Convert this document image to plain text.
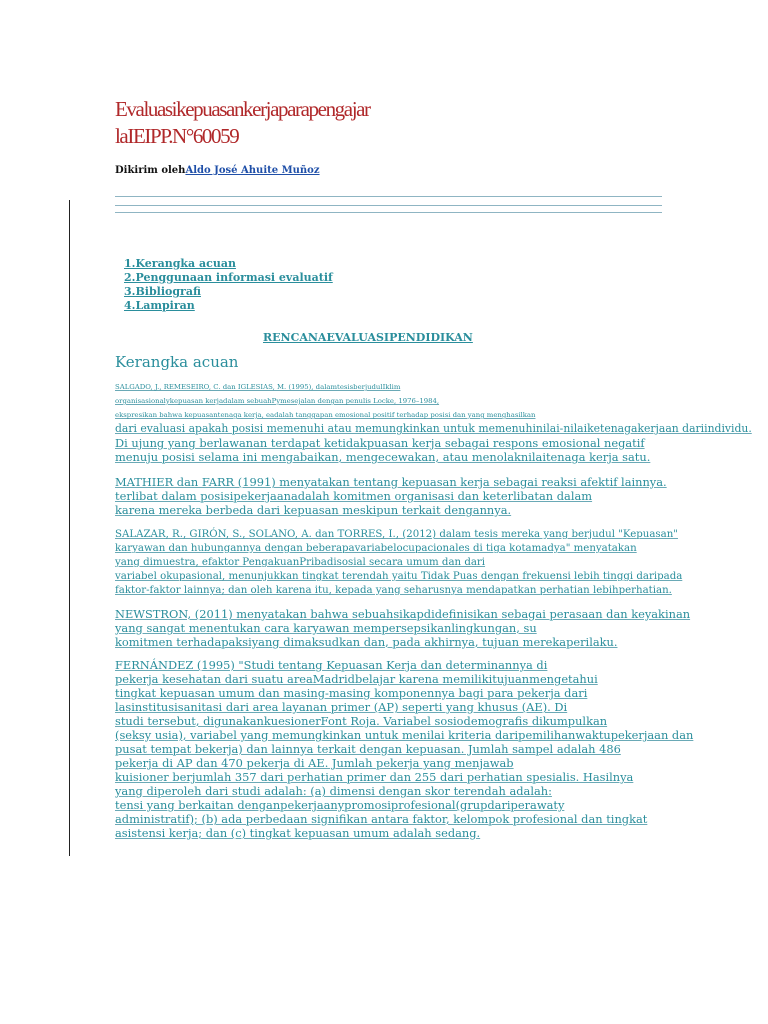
Evaluasikepuasankerjaparapengajar
laIEIPP.N°60059
Dikirim olehAldo José Ahuite Muñoz
1.Kerangka acuan
2.Penggunaan informasi evaluatif
3.Bibliografi
4.Lampiran
RENCANAEVALUASIPENDIDIKAN
Kerangka acuan
SALGADO, J., REMESEIRO, C. dan IGLESIAS, M. (1995), dalamtesisberjudulIklim
organisasionalykepuasan kerjadalam sebuahPymesejalan dengan penulis Locke, 1976–1984,
ekspresikan bahwa kepuasantenaga kerja, eadalah tanggapan emosional positif terhadap posisi dan yang menghasilkan
dari evaluasi apakah posisi memenuhi atau memungkinkan untuk memenuhinilai-nilaiketenagakerjaan dariindividu.
Di ujung yang berlawanan terdapat ketidakpuasan kerja sebagai respons emosional negatif
menuju posisi selama ini mengabaikan, mengecewakan, atau menolaknilaitenaga kerja satu.
MATHIER dan FARR (1991) menyatakan tentang kepuasan kerja sebagai reaksi afektif lainnya.
terlibat dalam posisipekerjaanadalah komitmen organisasi dan keterlibatan dalam
karena mereka berbeda dari kepuasan meskipun terkait dengannya.
SALAZAR, R., GIRÓN, S., SOLANO, A. dan TORRES, I., (2012) dalam tesis mereka yang berjudul "Kepuasan"
karyawan dan hubungannya dengan beberapavariabelocupacionales di tiga kotamadya" menyatakan
yang dimuestra, efaktor PengakuanPribadisosial secara umum dan dari
variabel okupasional, menunjukkan tingkat terendah yaitu Tidak Puas dengan frekuensi lebih tinggi daripada
faktor-faktor lainnya; dan oleh karena itu, kepada yang seharusnya mendapatkan perhatian lebihperhatian.
NEWSTRON, (2011) menyatakan bahwa sebuahsikapdidefinisikan sebagai perasaan dan keyakinan
yang sangat menentukan cara karyawan mempersepsikanlingkungan, su
komitmen terhadapaksiyang dimaksudkan dan, pada akhirnya, tujuan merekaperilaku.
FERNÁNDEZ (1995) "Studi tentang Kepuasan Kerja dan determinannya di
pekerja kesehatan dari suatu areaMadridbelajar karena memilikitujuanmengetahui
tingkat kepuasan umum dan masing-masing komponennya bagi para pekerja dari
lasinstitusisanitasi dari area layanan primer (AP) seperti yang khusus (AE). Di
studi tersebut, digunakankuesionerFont Roja. Variabel sosiodemografis dikumpulkan
(seksy usia), variabel yang memungkinkan untuk menilai kriteria daripemilihanwaktupekerjaan dan
pusat tempat bekerja) dan lainnya terkait dengan kepuasan. Jumlah sampel adalah 486
pekerja di AP dan 470 pekerja di AE. Jumlah pekerja yang menjawab
kuisioner berjumlah 357 dari perhatian primer dan 255 dari perhatian spesialis. Hasilnya
yang diperoleh dari studi adalah: (a) dimensi dengan skor terendah adalah:
tensi yang berkaitan denganpekerjaanypromosiprofesional(grupdariperawaty
administratif); (b) ada perbedaan signifikan antara faktor, kelompok profesional dan tingkat
asistensi kerja; dan (c) tingkat kepuasan umum adalah sedang.
